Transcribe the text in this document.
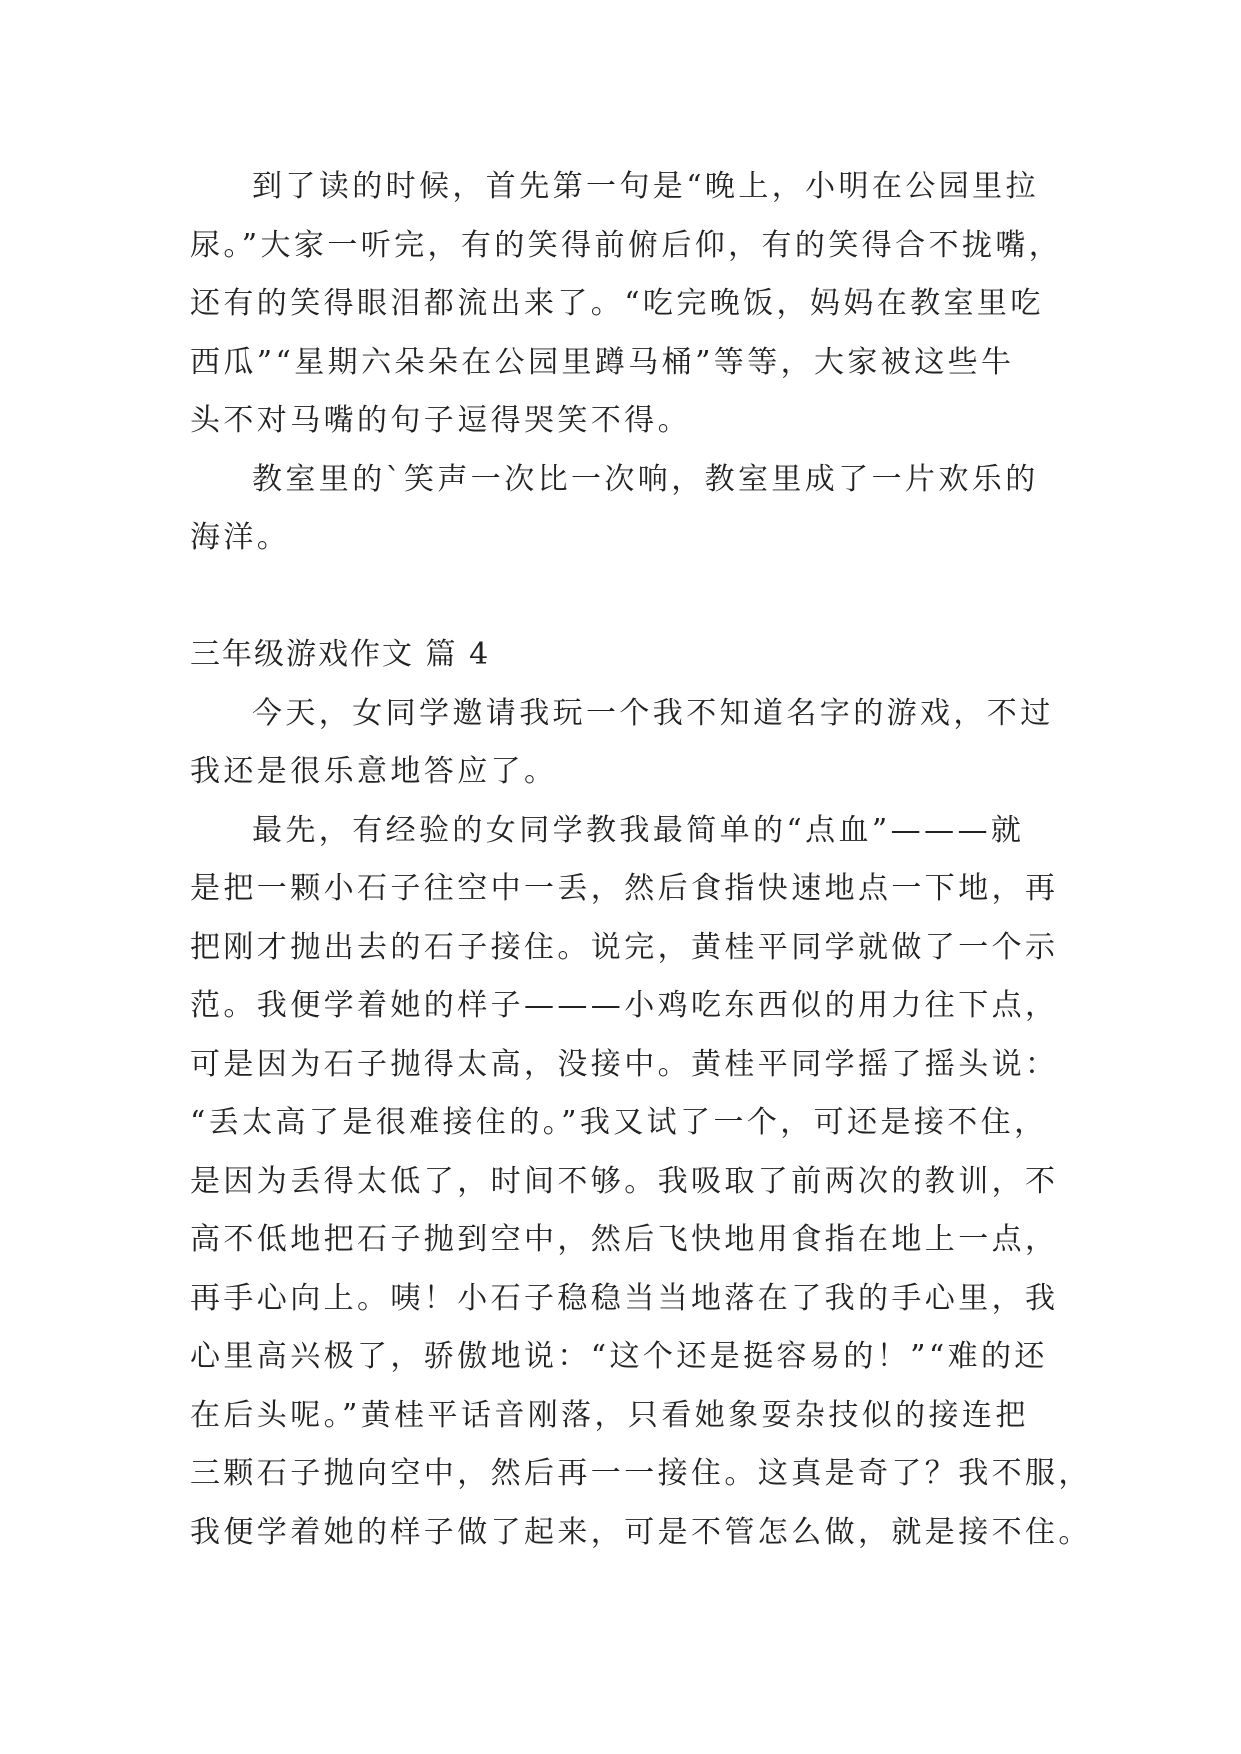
到了读的时候，首先第一句是“晚上，小明在公园里拉
尿。”大家一听完，有的笑得前俯后仰，有的笑得合不拢嘴，
还有的笑得眼泪都流出来了。“吃完晚饭，妈妈在教室里吃
西瓜”“星期六朵朵在公园里蹲马桶”等等，大家被这些牛
头不对马嘴的句子逗得哭笑不得。
教室里的`笑声一次比一次响，教室里成了一片欢乐的
海洋。
三年级游戏作文 篇 4
今天，女同学邀请我玩一个我不知道名字的游戏，不过
我还是很乐意地答应了。
最先，有经验的女同学教我最简单的“点血”———就
是把一颗小石子往空中一丢，然后食指快速地点一下地，再
把刚才抛出去的石子接住。说完，黄桂平同学就做了一个示
范。我便学着她的样子———小鸡吃东西似的用力往下点，
可是因为石子抛得太高，没接中。黄桂平同学摇了摇头说：
“丢太高了是很难接住的。”我又试了一个，可还是接不住，
是因为丢得太低了，时间不够。我吸取了前两次的教训，不
高不低地把石子抛到空中，然后飞快地用食指在地上一点，
再手心向上。咦！小石子稳稳当当地落在了我的手心里，我
心里高兴极了，骄傲地说：“这个还是挺容易的！”“难的还
在后头呢。”黄桂平话音刚落，只看她象耍杂技似的接连把
三颗石子抛向空中，然后再一一接住。这真是奇了？我不服，
我便学着她的样子做了起来，可是不管怎么做，就是接不住。
